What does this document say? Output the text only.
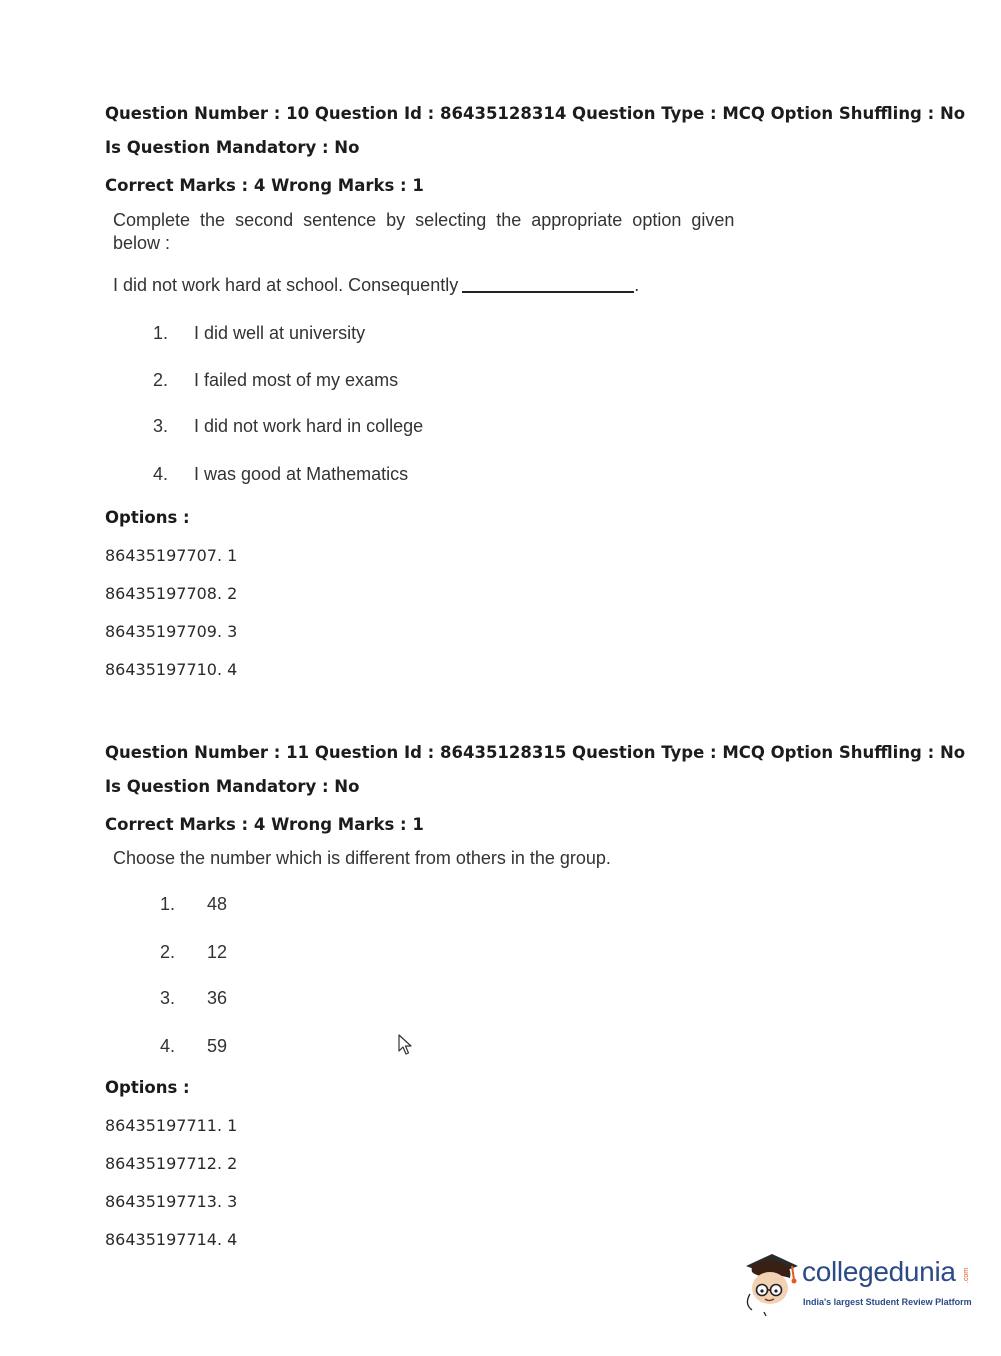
Question Number : 10 Question Id : 86435128314 Question Type : MCQ Option Shuffling : No
Is Question Mandatory : No
Correct Marks : 4 Wrong Marks : 1
Complete  the  second  sentence  by  selecting  the  appropriate  option  given
below :
I did not work hard at school. Consequently	.
1. I did well at university
2. I failed most of my exams
3. I did not work hard in college
4. I was good at Mathematics
Options :
86435197707. 1
86435197708. 2
86435197709. 3
86435197710. 4
Question Number : 11 Question Id : 86435128315 Question Type : MCQ Option Shuffling : No
Is Question Mandatory : No
Correct Marks : 4 Wrong Marks : 1
Choose the number which is different from others in the group.
1. 48
2. 12
3. 36
4. 59
Options :
86435197711. 1
86435197712. 2
86435197713. 3
86435197714. 4
collegedunia .com
India's largest Student Review Platform
